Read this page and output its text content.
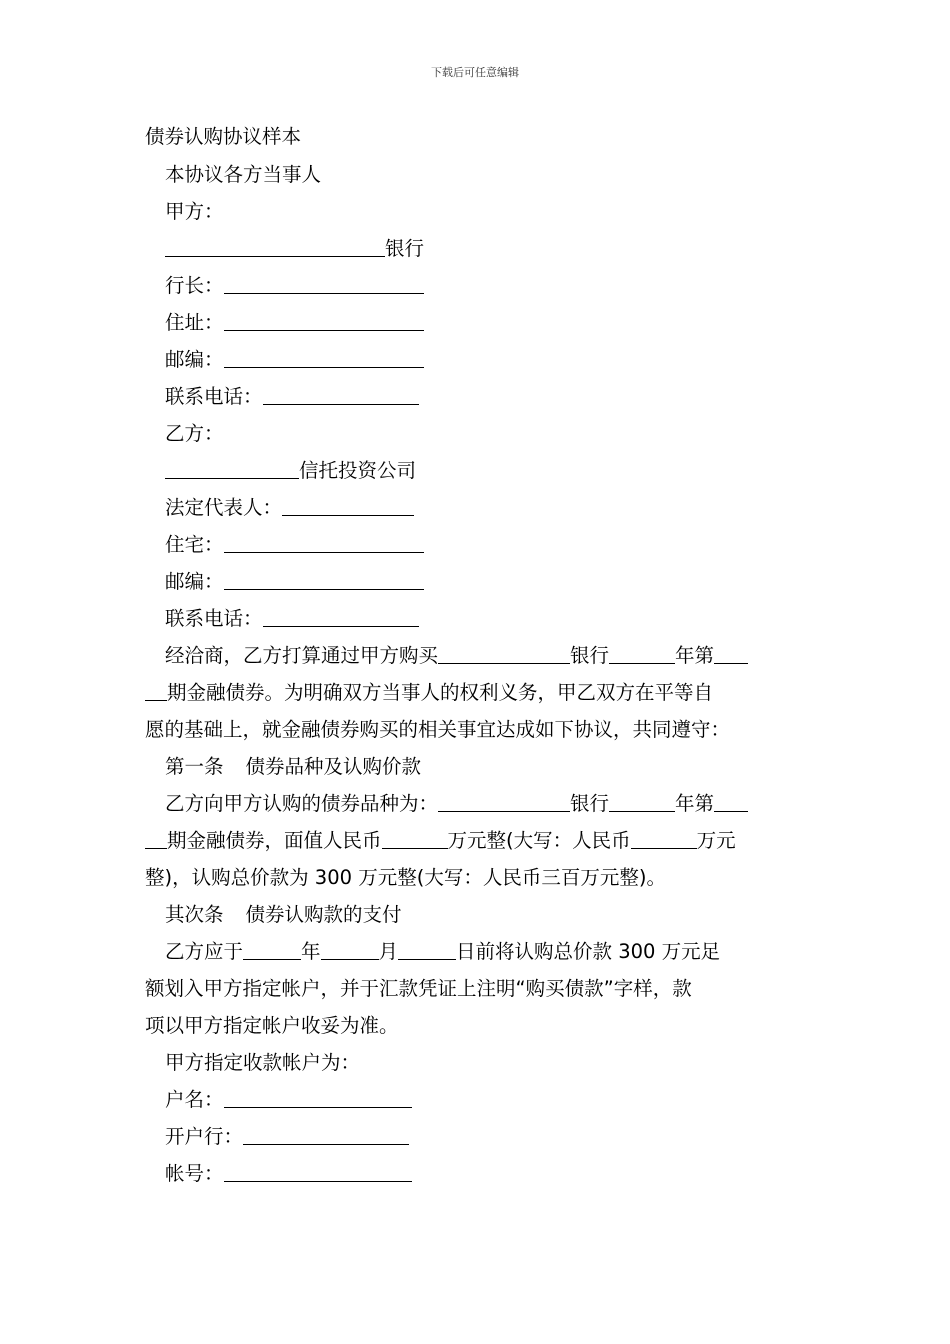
下载后可任意编辑
债券认购协议样本
本协议各方当事人
甲方：
银行
行长：
住址：
邮编：
联系电话：
乙方：
信托投资公司
法定代表人：
住宅：
邮编：
联系电话：
经洽商，乙方打算通过甲方购买	银行	年第
期金融债券。为明确双方当事人的权利义务，甲乙双方在平等自
愿的基础上，就金融债券购买的相关事宜达成如下协议，共同遵守：
第一条 债券品种及认购价款
乙方向甲方认购的债券品种为：	银行	年第
期金融债券，面值人民币	万元整(大写：人民币	万元
整)，认购总价款为 300 万元整(大写：人民币三百万元整)。
其次条 债券认购款的支付
乙方应于	年	月	日前将认购总价款 300 万元足
额划入甲方指定帐户，并于汇款凭证上注明“购买债款”字样，款
项以甲方指定帐户收妥为准。
甲方指定收款帐户为：
户名：
开户行：
帐号：
